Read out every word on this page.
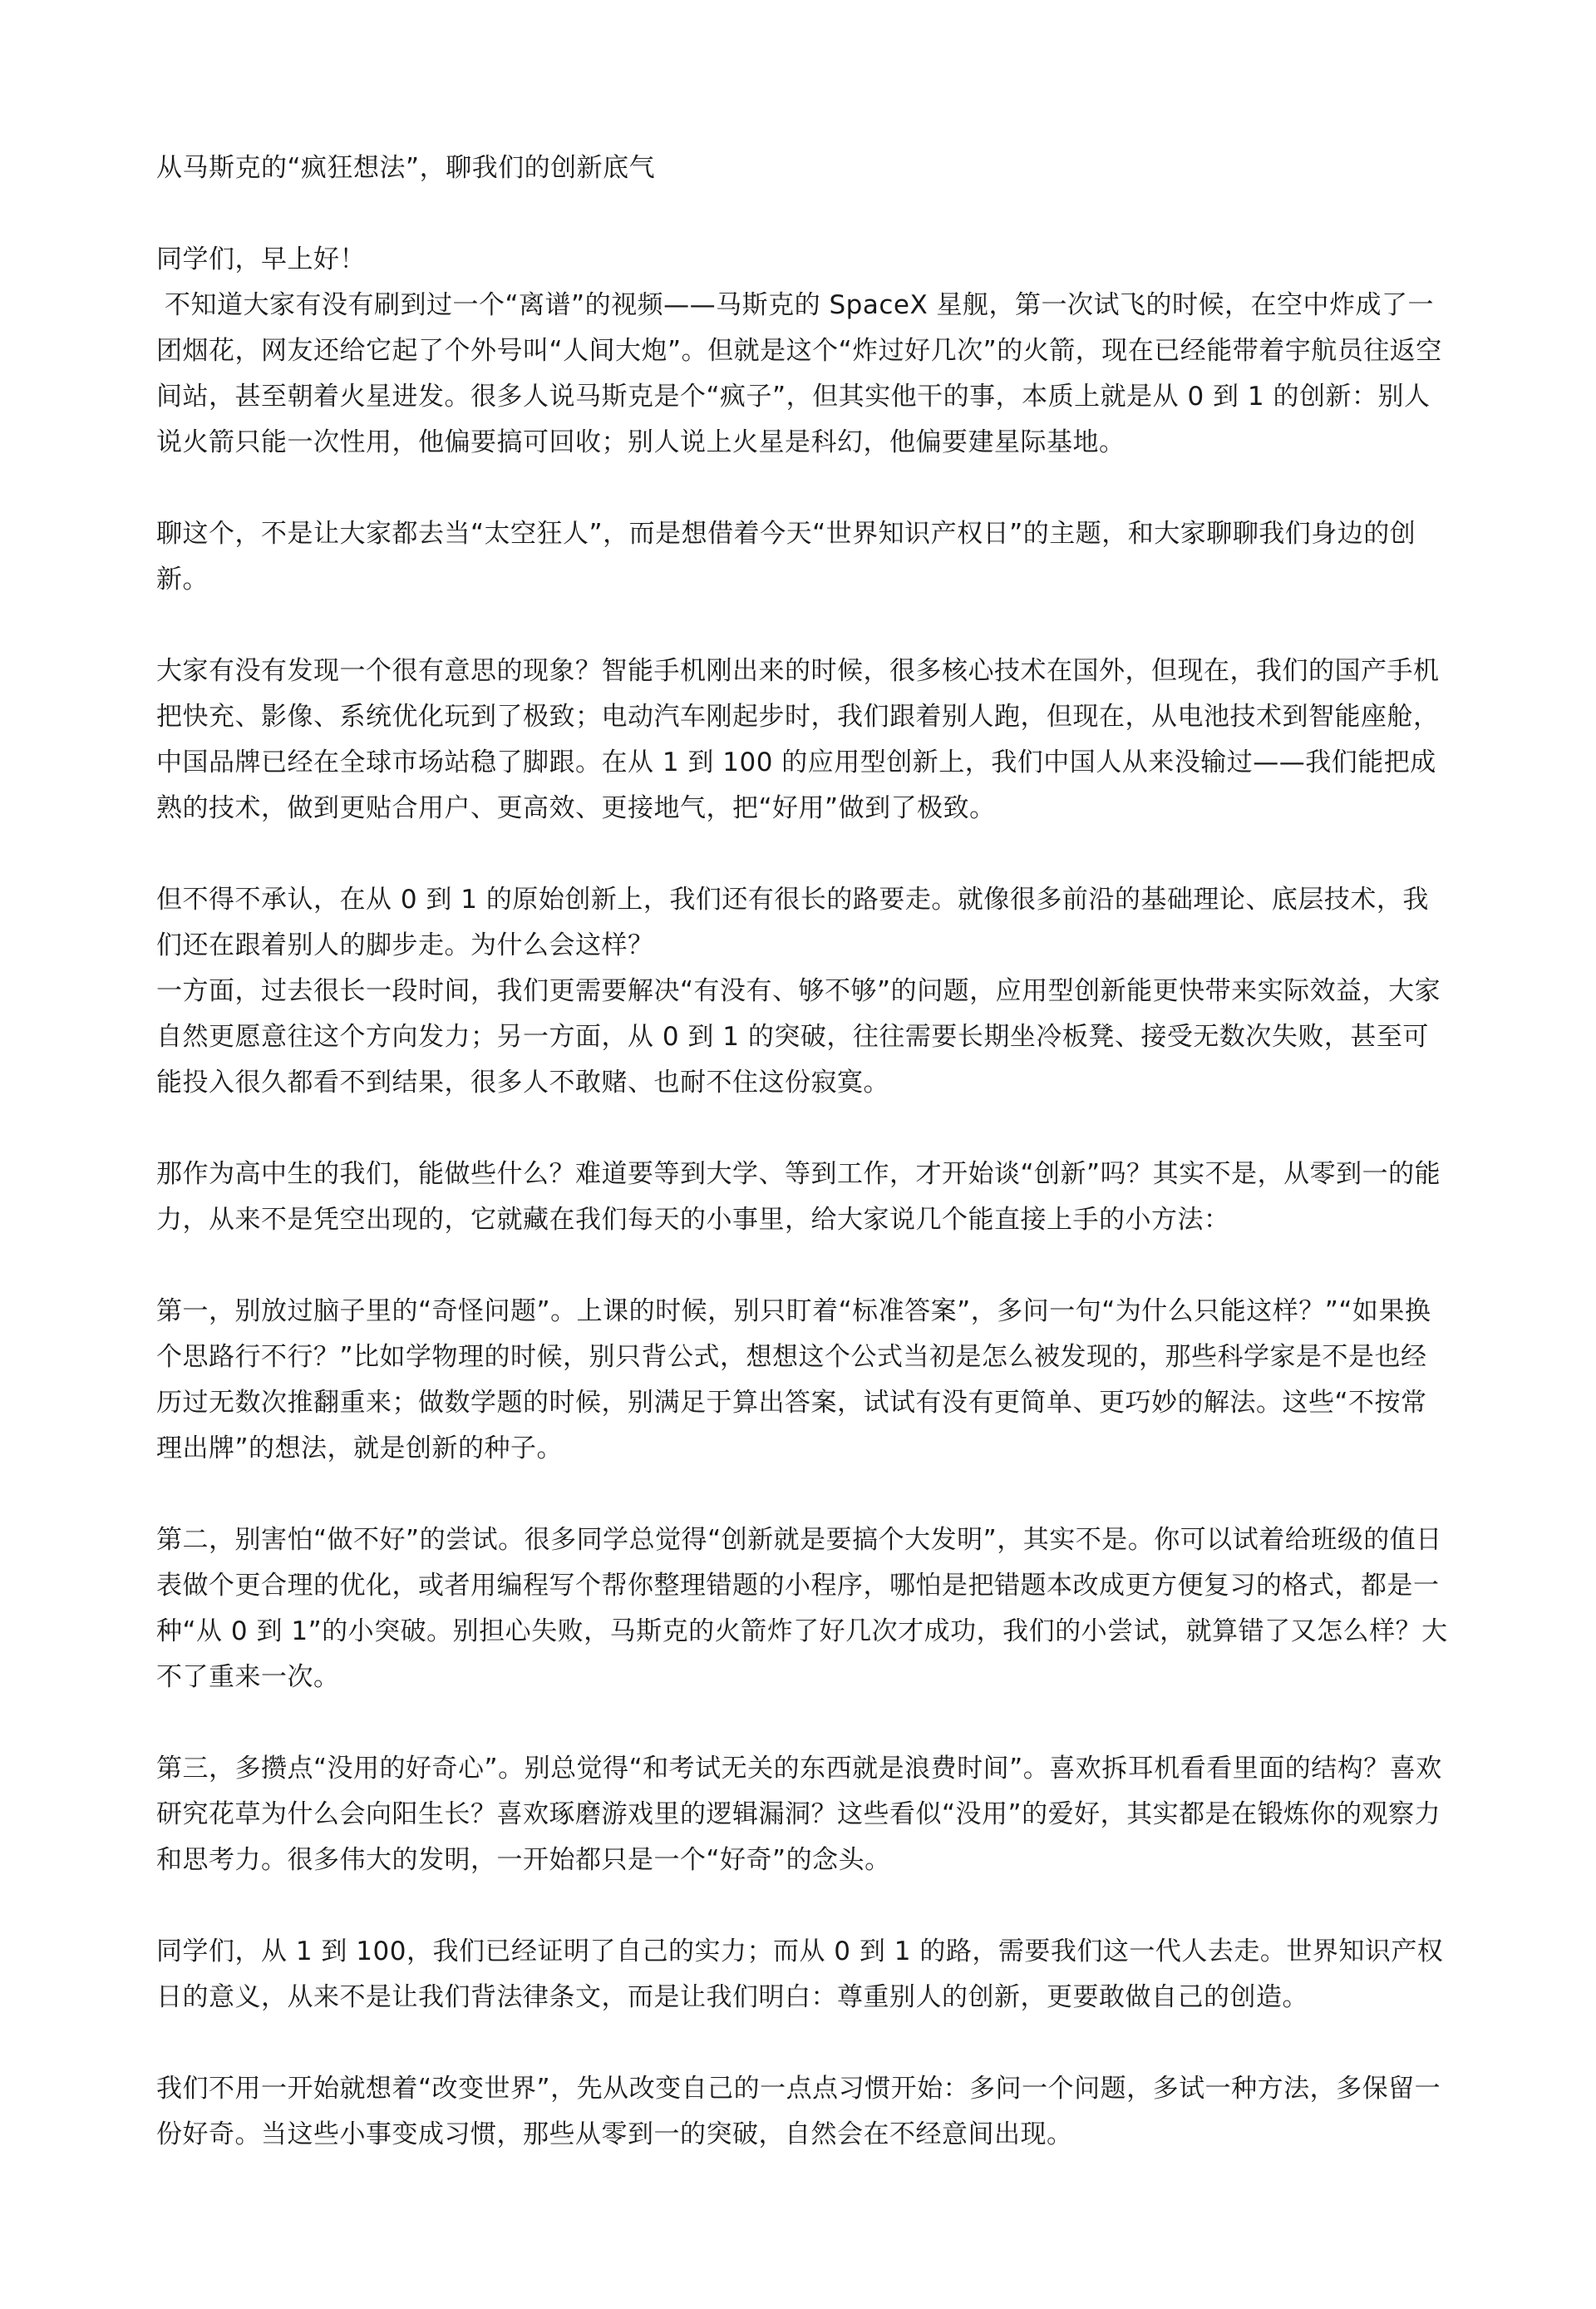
从马斯克的“疯狂想法”，聊我们的创新底气

同学们，早上好！

不知道大家有没有刷到过一个“离谱”的视频——马斯克的 SpaceX 星舰，第一次试飞的时候，在空中炸成了一团烟花，网友还给它起了个外号叫“人间大炮”。但就是这个“炸过好几次”的火箭，现在已经能带着宇航员往返空间站，甚至朝着火星进发。很多人说马斯克是个“疯子”，但其实他干的事，本质上就是从 0 到 1 的创新：别人说火箭只能一次性用，他偏要搞可回收；别人说上火星是科幻，他偏要建星际基地。

聊这个，不是让大家都去当“太空狂人”，而是想借着今天“世界知识产权日”的主题，和大家聊聊我们身边的创新。

大家有没有发现一个很有意思的现象？智能手机刚出来的时候，很多核心技术在国外，但现在，我们的国产手机把快充、影像、系统优化玩到了极致；电动汽车刚起步时，我们跟着别人跑，但现在，从电池技术到智能座舱，中国品牌已经在全球市场站稳了脚跟。在从 1 到 100 的应用型创新上，我们中国人从来没输过——我们能把成熟的技术，做到更贴合用户、更高效、更接地气，把“好用”做到了极致。

但不得不承认，在从 0 到 1 的原始创新上，我们还有很长的路要走。就像很多前沿的基础理论、底层技术，我们还在跟着别人的脚步走。为什么会这样？

一方面，过去很长一段时间，我们更需要解决“有没有、够不够”的问题，应用型创新能更快带来实际效益，大家自然更愿意往这个方向发力；另一方面，从 0 到 1 的突破，往往需要长期坐冷板凳、接受无数次失败，甚至可能投入很久都看不到结果，很多人不敢赌、也耐不住这份寂寞。

那作为高中生的我们，能做些什么？难道要等到大学、等到工作，才开始谈“创新”吗？其实不是，从零到一的能力，从来不是凭空出现的，它就藏在我们每天的小事里，给大家说几个能直接上手的小方法：

第一，别放过脑子里的“奇怪问题”。上课的时候，别只盯着“标准答案”，多问一句“为什么只能这样？”“如果换个思路行不行？”比如学物理的时候，别只背公式，想想这个公式当初是怎么被发现的，那些科学家是不是也经历过无数次推翻重来；做数学题的时候，别满足于算出答案，试试有没有更简单、更巧妙的解法。这些“不按常理出牌”的想法，就是创新的种子。

第二，别害怕“做不好”的尝试。很多同学总觉得“创新就是要搞个大发明”，其实不是。你可以试着给班级的值日表做个更合理的优化，或者用编程写个帮你整理错题的小程序，哪怕是把错题本改成更方便复习的格式，都是一种“从 0 到 1”的小突破。别担心失败，马斯克的火箭炸了好几次才成功，我们的小尝试，就算错了又怎么样？大不了重来一次。

第三，多攒点“没用的好奇心”。别总觉得“和考试无关的东西就是浪费时间”。喜欢拆耳机看看里面的结构？喜欢研究花草为什么会向阳生长？喜欢琢磨游戏里的逻辑漏洞？这些看似“没用”的爱好，其实都是在锻炼你的观察力和思考力。很多伟大的发明，一开始都只是一个“好奇”的念头。

同学们，从 1 到 100，我们已经证明了自己的实力；而从 0 到 1 的路，需要我们这一代人去走。世界知识产权日的意义，从来不是让我们背法律条文，而是让我们明白：尊重别人的创新，更要敢做自己的创造。

我们不用一开始就想着“改变世界”，先从改变自己的一点点习惯开始：多问一个问题，多试一种方法，多保留一份好奇。当这些小事变成习惯，那些从零到一的突破，自然会在不经意间出现。
